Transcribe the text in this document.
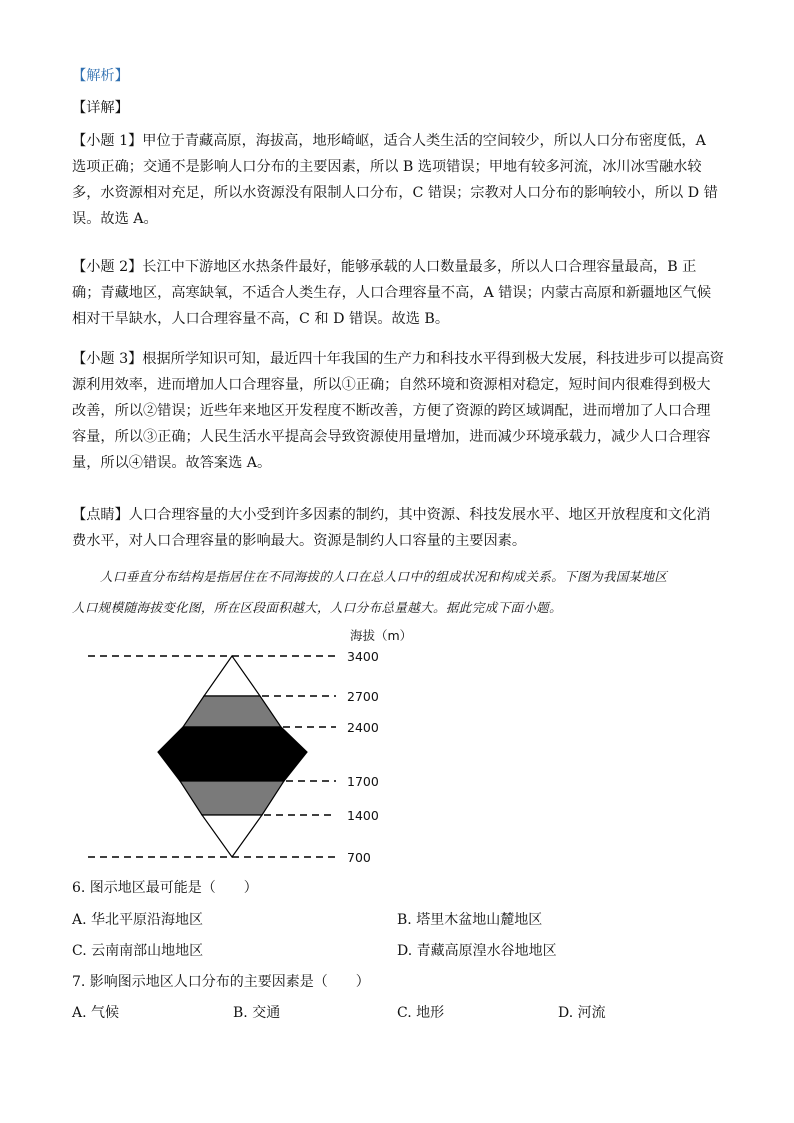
【解析】
【详解】

【小题 1】甲位于青藏高原，海拔高，地形崎岖，适合人类生活的空间较少，所以人口分布密度低，A 选项正确；交通不是影响人口分布的主要因素，所以 B 选项错误；甲地有较多河流，冰川冰雪融水较多，水资源相对充足，所以水资源没有限制人口分布，C 错误；宗教对人口分布的影响较小，所以 D 错误。故选 A。

【小题 2】长江中下游地区水热条件最好，能够承载的人口数量最多，所以人口合理容量最高，B 正确；青藏地区，高寒缺氧，不适合人类生存，人口合理容量不高，A 错误；内蒙古高原和新疆地区气候相对干旱缺水，人口合理容量不高，C 和 D 错误。故选 B。

【小题 3】根据所学知识可知，最近四十年我国的生产力和科技水平得到极大发展，科技进步可以提高资源利用效率，进而增加人口合理容量，所以①正确；自然环境和资源相对稳定，短时间内很难得到极大改善，所以②错误；近些年来地区开发程度不断改善，方便了资源的跨区域调配，进而增加了人口合理容量，所以③正确；人民生活水平提高会导致资源使用量增加，进而减少环境承载力，减少人口合理容量，所以④错误。故答案选 A。

【点睛】人口合理容量的大小受到许多因素的制约，其中资源、科技发展水平、地区开放程度和文化消费水平，对人口合理容量的影响最大。资源是制约人口容量的主要因素。

人口垂直分布结构是指居住在不同海拔的人口在总人口中的组成状况和构成关系。下图为我国某地区
人口规模随海拔变化图，所在区段面积越大，人口分布总量越大。据此完成下面小题。
海拔（m）
3400
2700
2400
1700
1400
700
6. 图示地区最可能是（　　）
A. 华北平原沿海地区	B. 塔里木盆地山麓地区
C. 云南南部山地地区	D. 青藏高原湟水谷地地区
7. 影响图示地区人口分布的主要因素是（　　）
A. 气候	B. 交通	C. 地形	D. 河流
